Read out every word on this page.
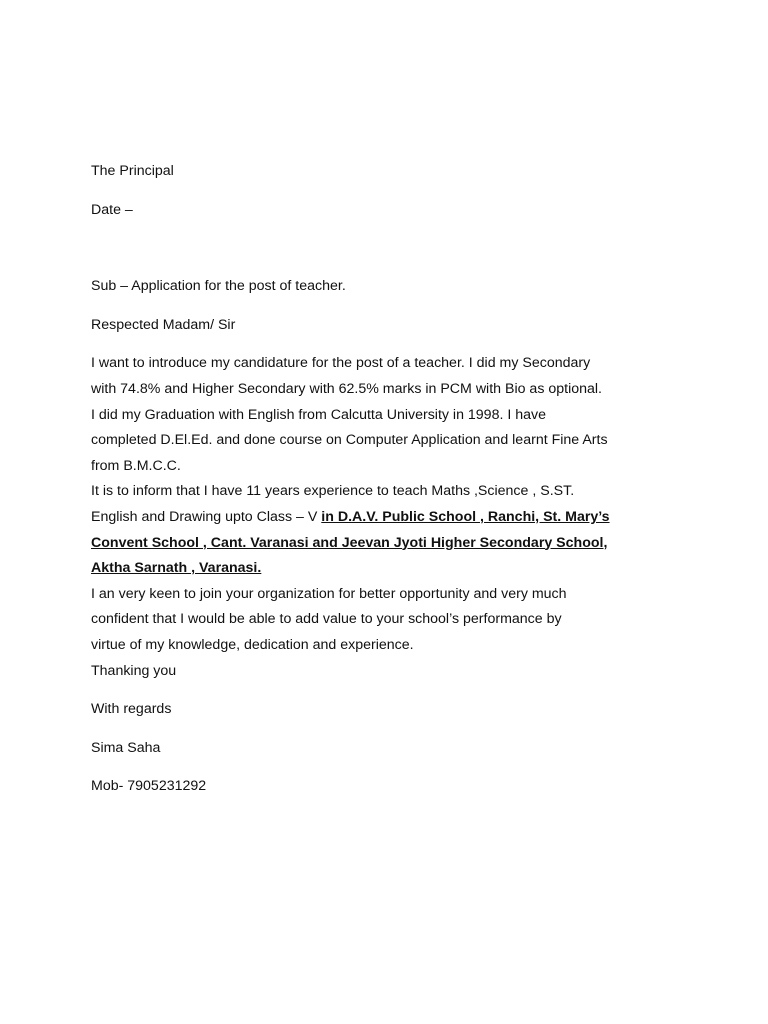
The Principal

Date –

Sub – Application for the post of teacher.

Respected Madam/ Sir

I want to introduce my candidature for the post of a teacher. I did my Secondary
with 74.8% and Higher Secondary with 62.5% marks in PCM with Bio as optional.
I did my Graduation with English from Calcutta University in 1998. I have
completed D.El.Ed. and done course on Computer Application and learnt Fine Arts
from B.M.C.C.
It is to inform that I have 11 years experience to teach Maths ,Science , S.ST.
English and Drawing upto Class – V in D.A.V. Public School , Ranchi, St. Mary’s
Convent School , Cant. Varanasi and Jeevan Jyoti Higher Secondary School,
Aktha Sarnath , Varanasi.
I an very keen to join your organization for better opportunity and very much
confident that I would be able to add value to your school’s performance by
virtue of my knowledge, dedication and experience.

Thanking you

With regards

Sima Saha

Mob- 7905231292
